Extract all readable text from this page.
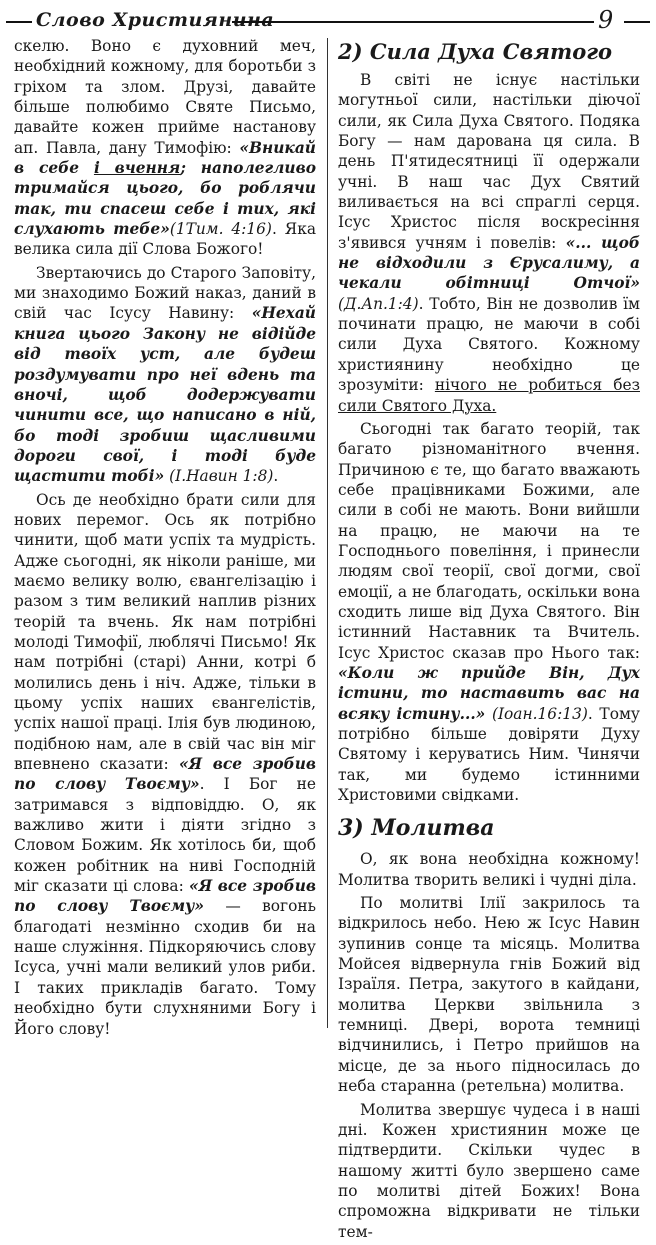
Слово Християнина	9

скелю. Воно є духовний меч, необхідний кожному, для боротьби з гріхом та злом. Друзі, давайте більше полюбимо Святе Письмо, давайте кожен прийме настанову ап. Павла, дану Тимофію: «Вникай в себе і вчення; наполегливо тримайся цього, бо роблячи так, ти спасеш себе і тих, які слухають тебе»(1Тим. 4:16). Яка велика сила дії Слова Божого!

Звертаючись до Старого Заповіту, ми знаходимо Божий наказ, даний в свій час Ісусу Навину: «Нехай книга цього Закону не відійде від твоїх уст, але будеш роздумувати про неї вдень та вночі, щоб додержувати чинити все, що написано в ній, бо тоді зробиш щасливими дороги свої, і тоді буде щастити тобі» (І.Навин 1:8).

Ось де необхідно брати сили для нових перемог. Ось як потрібно чинити, щоб мати успіх та мудрість. Адже сьогодні, як ніколи раніше, ми маємо велику волю, євангелізацію і разом з тим великий наплив різних теорій та вчень. Як нам потрібні молоді Тимофії, люблячі Письмо! Як нам потрібні (старі) Анни, котрі б молились день і ніч. Адже, тільки в цьому успіх наших євангелістів, успіх нашої праці. Ілія був людиною, подібною нам, але в свій час він міг впевнено сказати: «Я все зробив по слову Твоєму». І Бог не затримався з відповіддю. О, як важливо жити і діяти згідно з Словом Божим. Як хотілось би, щоб кожен робітник на ниві Господній міг сказати ці слова: «Я все зробив по слову Твоєму» — вогонь благодаті незмінно сходив би на наше служіння. Підкоряючись слову Ісуса, учні мали великий улов риби. І таких прикладів багато. Тому необхідно бути слухняними Богу і Його слову!

2) Сила Духа Святого

В світі не існує настільки могутньої сили, настільки діючої сили, як Сила Духа Святого. Подяка Богу — нам дарована ця сила. В день П'ятидесятниці її одержали учні. В наш час Дух Святий виливається на всі спраглі серця. Ісус Христос після воскресіння з'явився учням і повелів: «... щоб не відходили з Єрусалиму, а чекали обітниці Отчої» (Д.Ап.1:4). Тобто, Він не дозволив їм починати працю, не маючи в собі сили Духа Святого. Кожному християнину необхідно це зрозуміти: нічого не робиться без сили Святого Духа.

Сьогодні так багато теорій, так багато різноманітного вчення. Причиною є те, що багато вважають себе працівниками Божими, але сили в собі не мають. Вони вийшли на працю, не маючи на те Господнього повеління, і принесли людям свої теорії, свої догми, свої емоції, а не благодать, оскільки вона сходить лише від Духа Святого. Він істинний Наставник та Вчитель. Ісус Христос сказав про Нього так: «Коли ж прийде Він, Дух істини, то наставить вас на всяку істину...» (Іоан.16:13). Тому потрібно більше довіряти Духу Святому і керуватись Ним. Чинячи так, ми будемо істинними Христовими свідками.

3) Молитва

О, як вона необхідна кожному! Молитва творить великі і чудні діла.

По молитві Ілії закрилось та відкрилось небо. Нею ж Ісус Навин зупинив сонце та місяць. Молитва Мойсея відвернула гнів Божий від Ізраїля. Петра, закутого в кайдани, молитва Церкви звільнила з темниці. Двері, ворота темниці відчинились, і Петро прийшов на місце, де за нього підносилась до неба старанна (ретельна) молитва.

Молитва звершує чудеса і в наші дні. Кожен християнин може це підтвердити. Скільки чудес в нашому житті було звершено саме по молитві дітей Божих! Вона спроможна відкривати не тільки тем-
